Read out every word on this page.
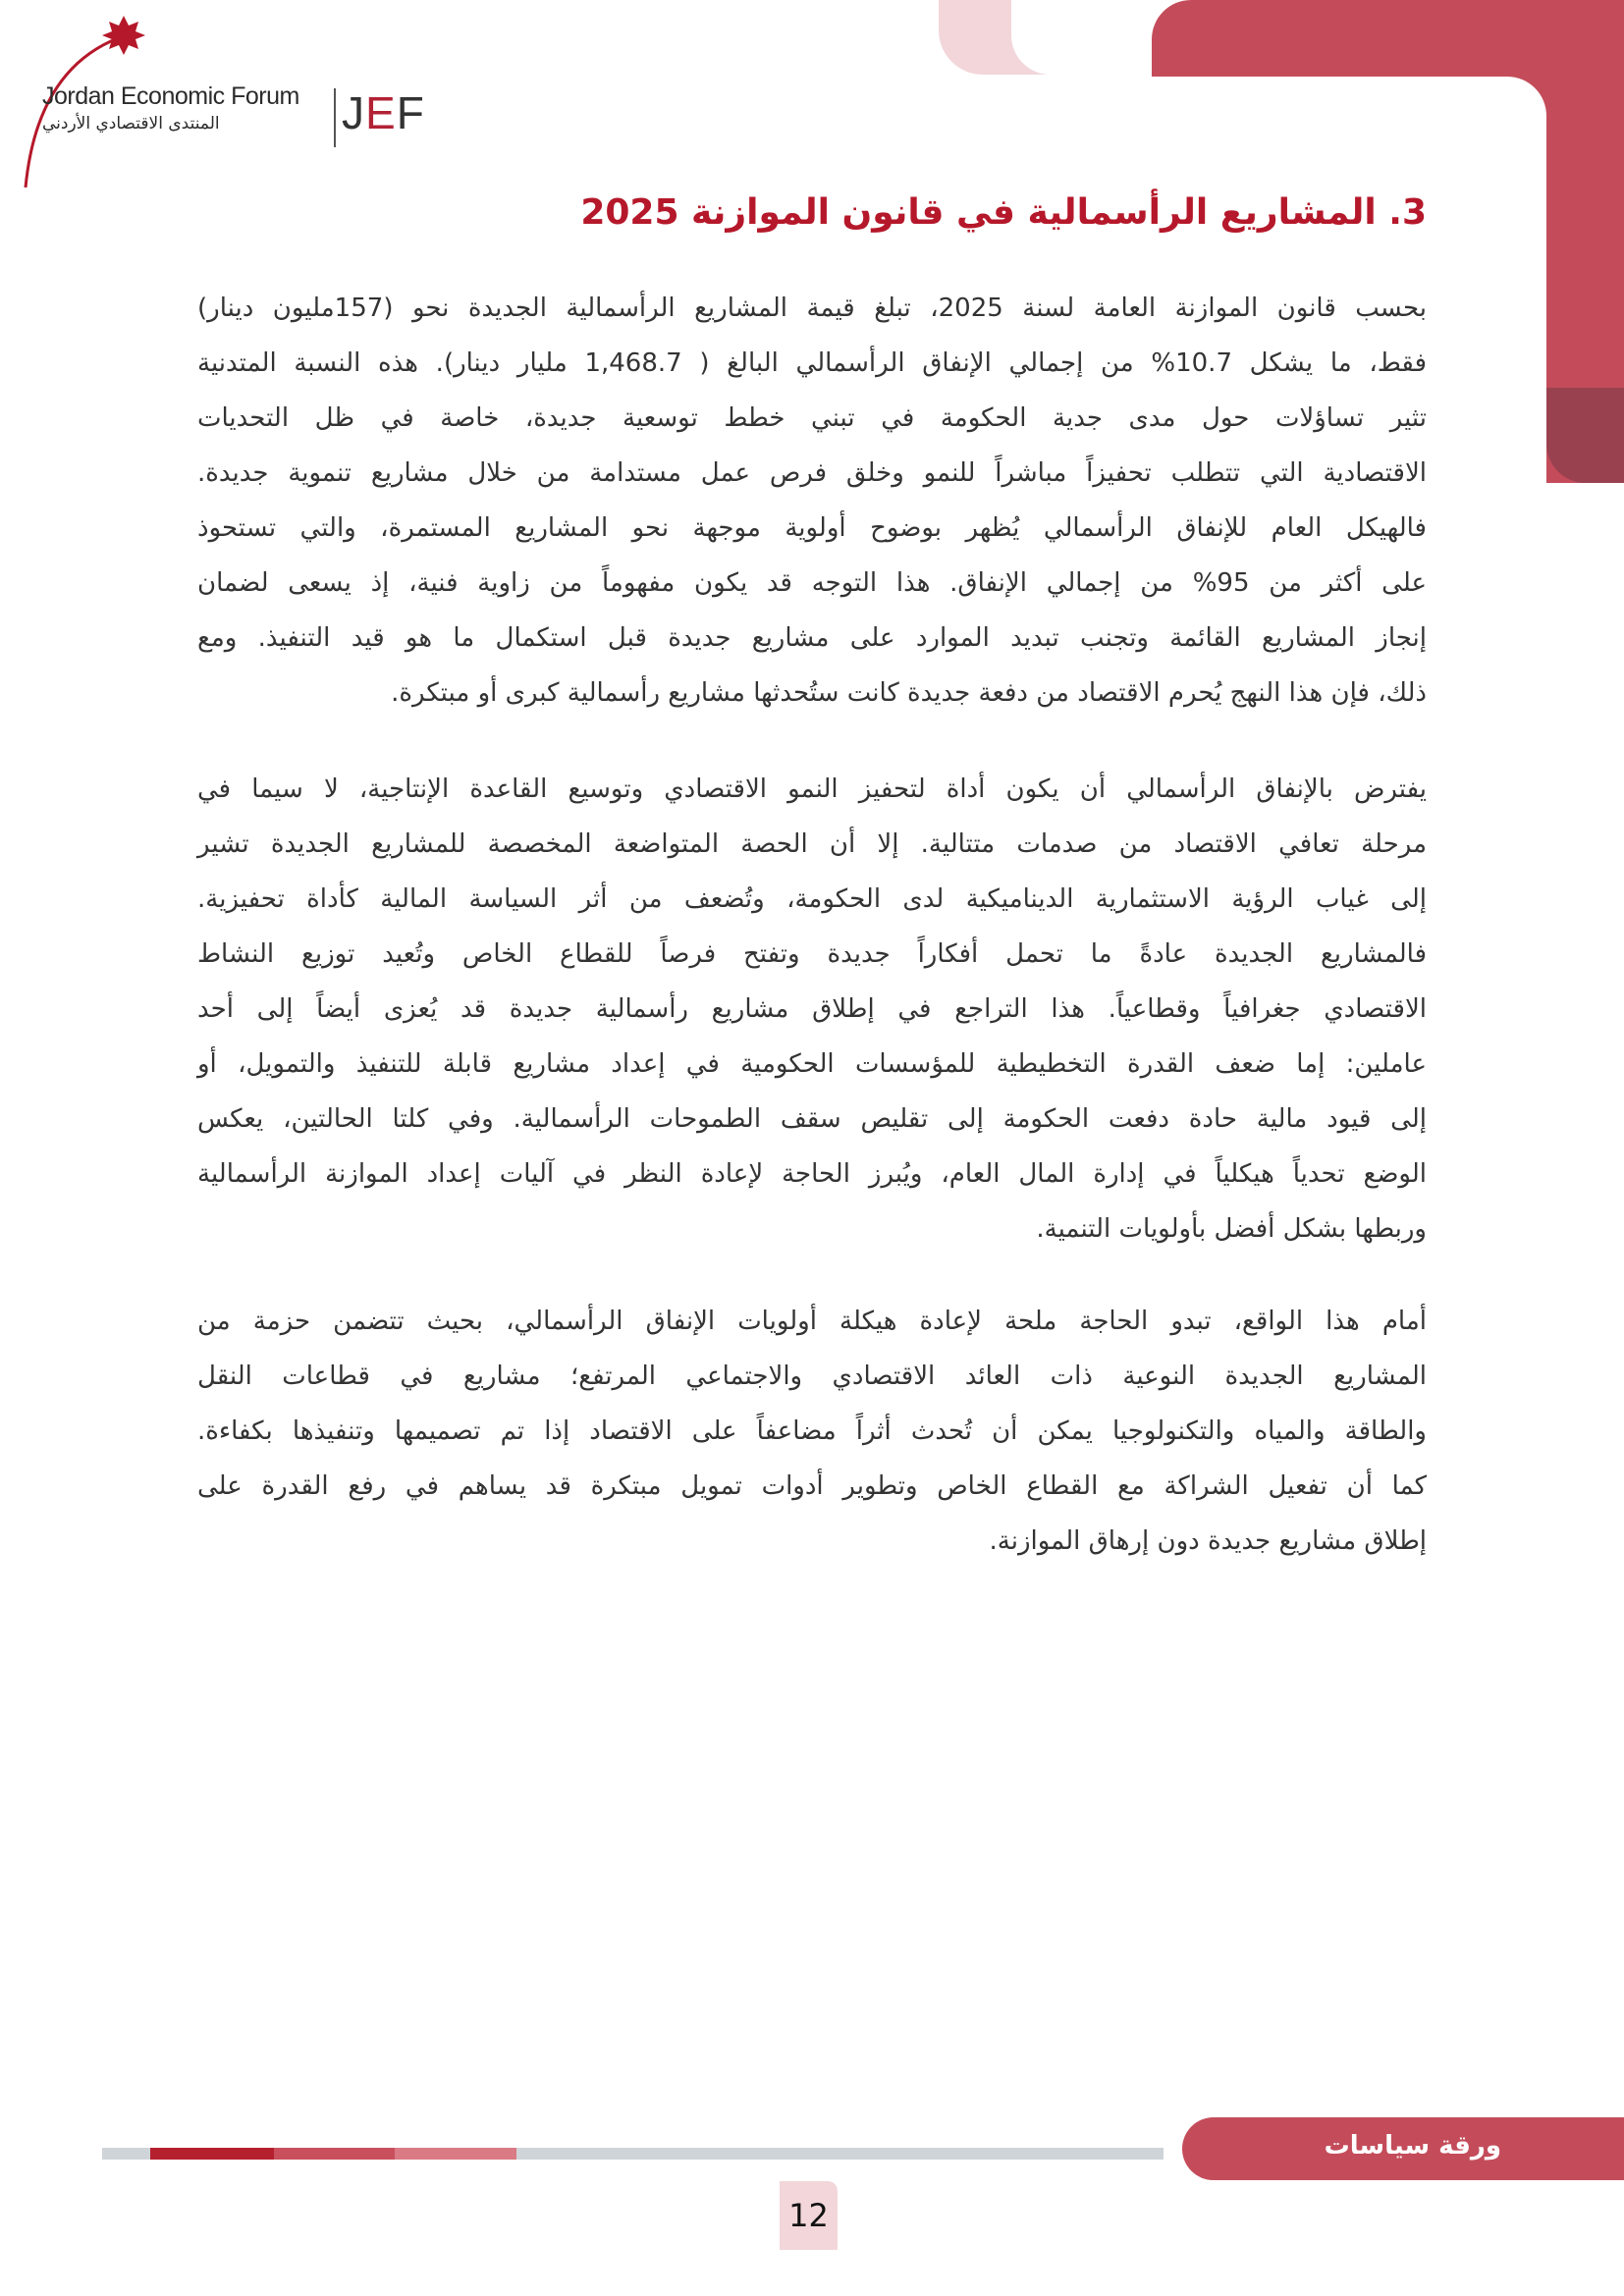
Jordan Economic Forum
المنتدى الاقتصادي الأردني	JEF
3. المشاريع الرأسمالية في قانون الموازنة 2025
بحسب قانون الموازنة العامة لسنة 2025، تبلغ قيمة المشاريع الرأسمالية الجديدة نحو (157مليون دينار)
فقط، ما يشكل 10.7% من إجمالي الإنفاق الرأسمالي البالغ ( 1,468.7 مليار دينار). هذه النسبة المتدنية
تثير تساؤلات حول مدى جدية الحكومة في تبني خطط توسعية جديدة، خاصة في ظل التحديات
الاقتصادية التي تتطلب تحفيزاً مباشراً للنمو وخلق فرص عمل مستدامة من خلال مشاريع تنموية جديدة.
فالهيكل العام للإنفاق الرأسمالي يُظهر بوضوح أولوية موجهة نحو المشاريع المستمرة، والتي تستحوذ
على أكثر من 95% من إجمالي الإنفاق. هذا التوجه قد يكون مفهوماً من زاوية فنية، إذ يسعى لضمان
إنجاز المشاريع القائمة وتجنب تبديد الموارد على مشاريع جديدة قبل استكمال ما هو قيد التنفيذ. ومع
ذلك، فإن هذا النهج يُحرم الاقتصاد من دفعة جديدة كانت ستُحدثها مشاريع رأسمالية كبرى أو مبتكرة.
يفترض بالإنفاق الرأسمالي أن يكون أداة لتحفيز النمو الاقتصادي وتوسيع القاعدة الإنتاجية، لا سيما في
مرحلة تعافي الاقتصاد من صدمات متتالية. إلا أن الحصة المتواضعة المخصصة للمشاريع الجديدة تشير
إلى غياب الرؤية الاستثمارية الديناميكية لدى الحكومة، وتُضعف من أثر السياسة المالية كأداة تحفيزية.
فالمشاريع الجديدة عادةً ما تحمل أفكاراً جديدة وتفتح فرصاً للقطاع الخاص وتُعيد توزيع النشاط
الاقتصادي جغرافياً وقطاعياً. هذا التراجع في إطلاق مشاريع رأسمالية جديدة قد يُعزى أيضاً إلى أحد
عاملين: إما ضعف القدرة التخطيطية للمؤسسات الحكومية في إعداد مشاريع قابلة للتنفيذ والتمويل، أو
إلى قيود مالية حادة دفعت الحكومة إلى تقليص سقف الطموحات الرأسمالية. وفي كلتا الحالتين، يعكس
الوضع تحدياً هيكلياً في إدارة المال العام، ويُبرز الحاجة لإعادة النظر في آليات إعداد الموازنة الرأسمالية
وربطها بشكل أفضل بأولويات التنمية.
أمام هذا الواقع، تبدو الحاجة ملحة لإعادة هيكلة أولويات الإنفاق الرأسمالي، بحيث تتضمن حزمة من
المشاريع الجديدة النوعية ذات العائد الاقتصادي والاجتماعي المرتفع؛ مشاريع في قطاعات النقل
والطاقة والمياه والتكنولوجيا يمكن أن تُحدث أثراً مضاعفاً على الاقتصاد إذا تم تصميمها وتنفيذها بكفاءة.
كما أن تفعيل الشراكة مع القطاع الخاص وتطوير أدوات تمويل مبتكرة قد يساهم في رفع القدرة على
إطلاق مشاريع جديدة دون إرهاق الموازنة.
ورقة سياسات
12
